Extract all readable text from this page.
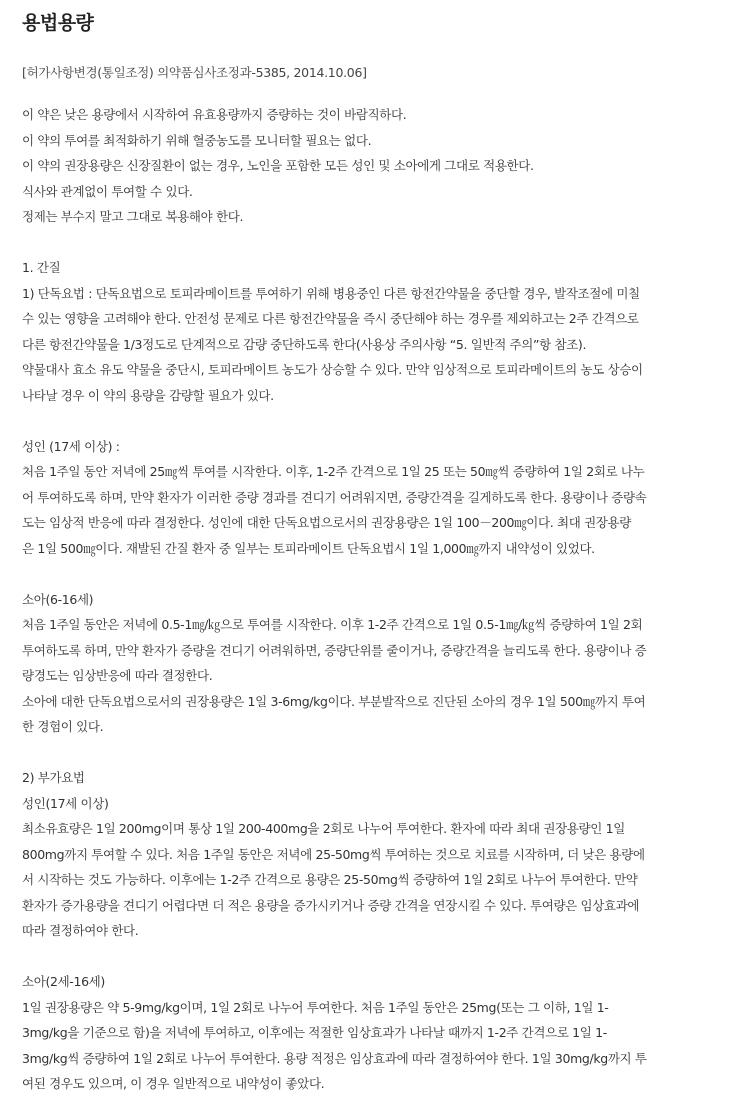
용법용량
[허가사항변경(통일조정) 의약품심사조정과-5385, 2014.10.06]

이 약은 낮은 용량에서 시작하여 유효용량까지 증량하는 것이 바람직하다.

이 약의 투여를 최적화하기 위해 혈중농도를 모니터할 필요는 없다.

이 약의 권장용량은 신장질환이 없는 경우, 노인을 포함한 모든 성인 및 소아에게 그대로 적용한다.

식사와 관계없이 투여할 수 있다.

정제는 부수지 말고 그대로 복용해야 한다.

1. 간질

1) 단독요법 : 단독요법으로 토피라메이트를 투여하기 위해 병용중인 다른 항전간약물을 중단할 경우, 발작조절에 미칠
수 있는 영향을 고려해야 한다. 안전성 문제로 다른 항전간약물을 즉시 중단해야 하는 경우를 제외하고는 2주 간격으로
다른 항전간약물을 1/3정도로 단계적으로 감량 중단하도록 한다(사용상 주의사항 “5. 일반적 주의”항 참조).
약물대사 효소 유도 약물을 중단시, 토피라메이트 농도가 상승할 수 있다. 만약 임상적으로 토피라메이트의 농도 상승이
나타날 경우 이 약의 용량을 감량할 필요가 있다.

성인 (17세 이상) :

처음 1주일 동안 저녁에 25㎎씩 투여를 시작한다. 이후, 1-2주 간격으로 1일 25 또는 50㎎씩 증량하여 1일 2회로 나누
어 투여하도록 하며, 만약 환자가 이러한 증량 경과를 견디기 어려워지면, 증량간격을 길게하도록 한다. 용량이나 증량속
도는 임상적 반응에 따라 결정한다. 성인에 대한 단독요법으로서의 권장용량은 1일 100－200㎎이다. 최대 권장용량
은 1일 500㎎이다. 재발된 간질 환자 중 일부는 토피라메이트 단독요법시 1일 1,000㎎까지 내약성이 있었다.

소아(6-16세)

처음 1주일 동안은 저녁에 0.5-1㎎/㎏으로 투여를 시작한다. 이후 1-2주 간격으로 1일 0.5-1㎎/㎏씩 증량하여 1일 2회
투여하도록 하며, 만약 환자가 증량을 견디기 어려워하면, 증량단위를 줄이거나, 증량간격을 늘리도록 한다. 용량이나 증
량경도는 임상반응에 따라 결정한다.
소아에 대한 단독요법으로서의 권장용량은 1일 3-6mg/kg이다. 부분발작으로 진단된 소아의 경우 1일 500㎎까지 투여
한 경험이 있다.

2) 부가요법

성인(17세 이상)

최소유효량은 1일 200mg이며 통상 1일 200-400mg을 2회로 나누어 투여한다. 환자에 따라 최대 권장용량인 1일
800mg까지 투여할 수 있다. 처음 1주일 동안은 저녁에 25-50mg씩 투여하는 것으로 치료를 시작하며, 더 낮은 용량에
서 시작하는 것도 가능하다. 이후에는 1-2주 간격으로 용량은 25-50mg씩 증량하여 1일 2회로 나누어 투여한다. 만약
환자가 증가용량을 견디기 어렵다면 더 적은 용량을 증가시키거나 증량 간격을 연장시킬 수 있다. 투여량은 임상효과에
따라 결정하여야 한다.

소아(2세-16세)

1일 권장용량은 약 5-9mg/kg이며, 1일 2회로 나누어 투여한다. 처음 1주일 동안은 25mg(또는 그 이하, 1일 1-
3mg/kg을 기준으로 함)을 저녁에 투여하고, 이후에는 적절한 임상효과가 나타날 때까지 1-2주 간격으로 1일 1-
3mg/kg씩 증량하여 1일 2회로 나누어 투여한다. 용량 적정은 임상효과에 따라 결정하여야 한다. 1일 30mg/kg까지 투
여된 경우도 있으며, 이 경우 일반적으로 내약성이 좋았다.
